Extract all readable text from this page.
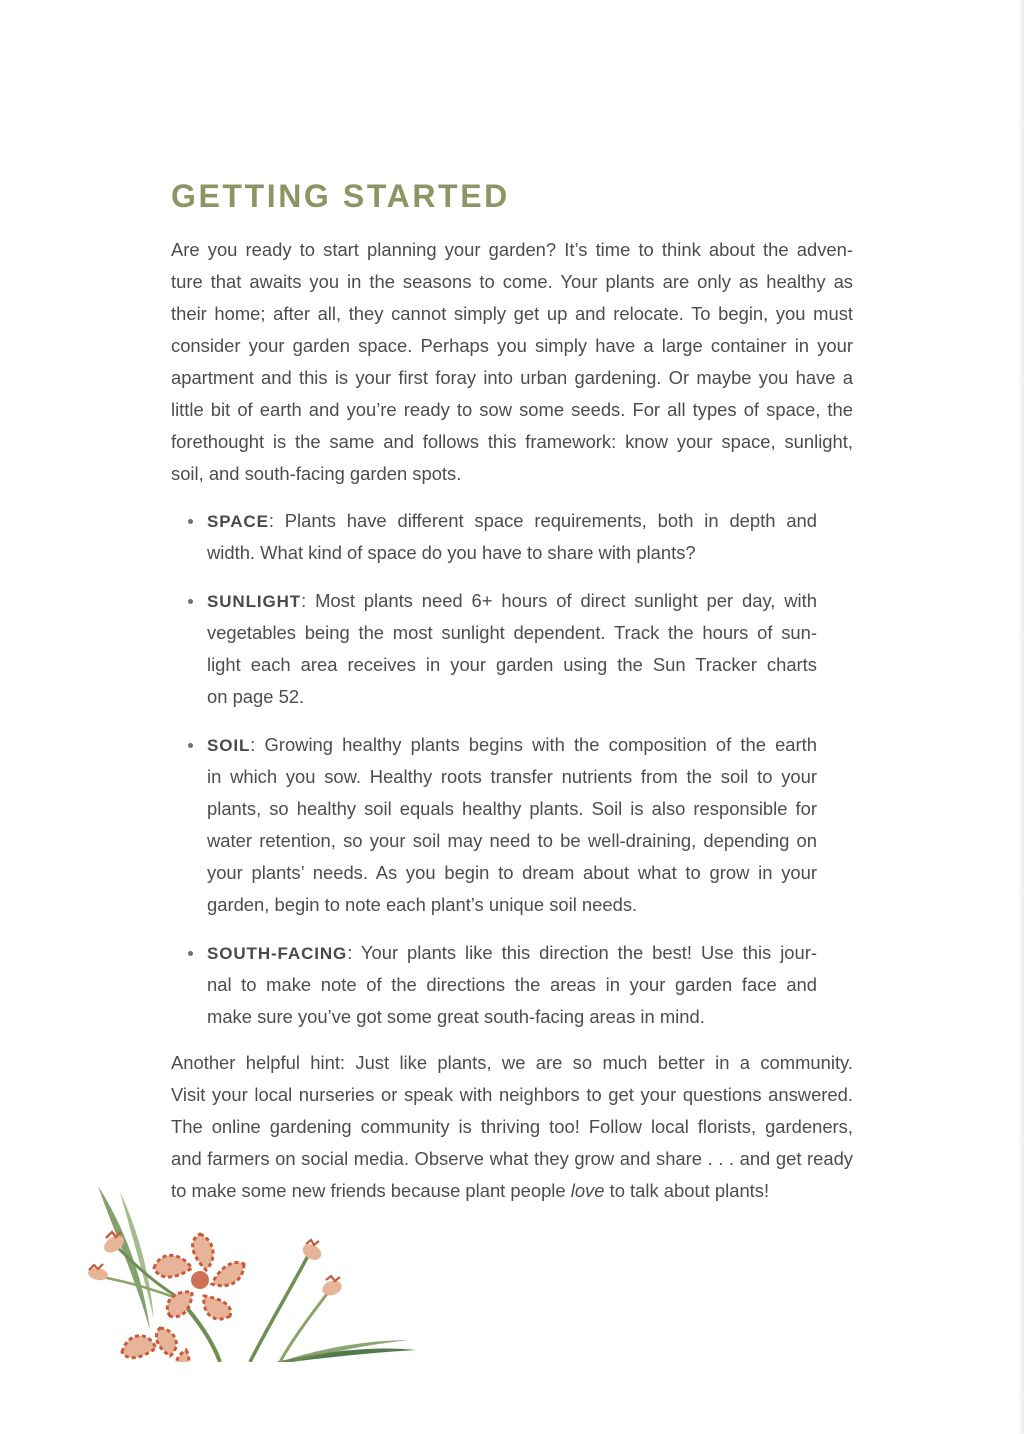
GETTING STARTED
Are you ready to start planning your garden? It’s time to think about the adven-
ture that awaits you in the seasons to come. Your plants are only as healthy as
their home; after all, they cannot simply get up and relocate. To begin, you must
consider your garden space. Perhaps you simply have a large container in your
apartment and this is your first foray into urban gardening. Or maybe you have a
little bit of earth and you’re ready to sow some seeds. For all types of space, the
forethought is the same and follows this framework: know your space, sunlight,
soil, and south-facing garden spots.
SPACE: Plants have different space requirements, both in depth and
width. What kind of space do you have to share with plants?
SUNLIGHT: Most plants need 6+ hours of direct sunlight per day, with
vegetables being the most sunlight dependent. Track the hours of sun-
light each area receives in your garden using the Sun Tracker charts
on page 52.
SOIL: Growing healthy plants begins with the composition of the earth
in which you sow. Healthy roots transfer nutrients from the soil to your
plants, so healthy soil equals healthy plants. Soil is also responsible for
water retention, so your soil may need to be well-draining, depending on
your plants’ needs. As you begin to dream about what to grow in your
garden, begin to note each plant’s unique soil needs.
SOUTH-FACING: Your plants like this direction the best! Use this jour-
nal to make note of the directions the areas in your garden face and
make sure you’ve got some great south-facing areas in mind.
Another helpful hint: Just like plants, we are so much better in a community.
Visit your local nurseries or speak with neighbors to get your questions answered.
The online gardening community is thriving too! Follow local florists, gardeners,
and farmers on social media. Observe what they grow and share . . . and get ready
to make some new friends because plant people love to talk about plants!
